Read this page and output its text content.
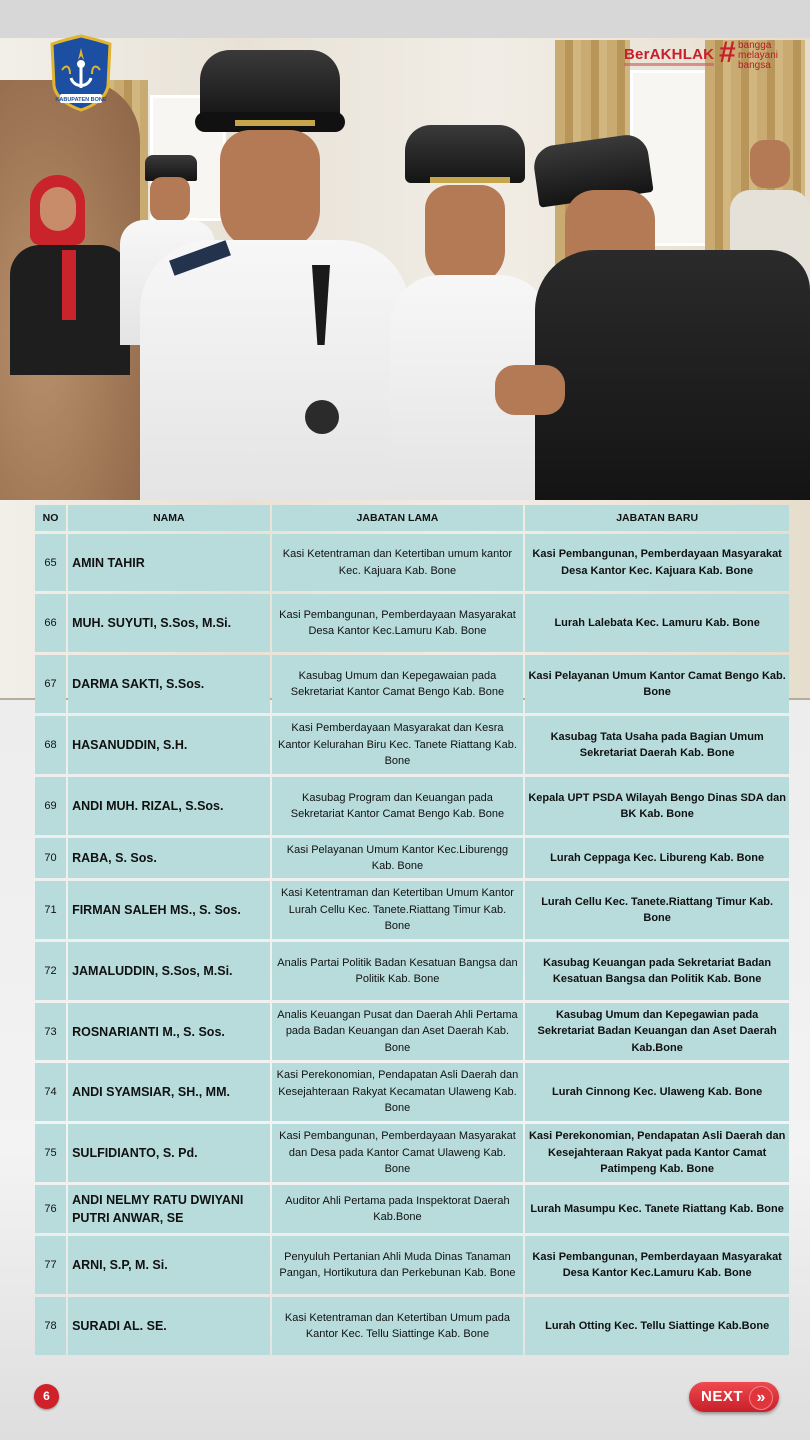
KABUPATEN BONE
BerAKHLAK # bangga
melayani
bangsa
NO	NAMA	JABATAN LAMA	JABATAN BARU
65	AMIN TAHIR	Kasi Ketentraman dan Ketertiban umum kantor Kec. Kajuara Kab. Bone	Kasi Pembangunan, Pemberdayaan Masyarakat Desa Kantor Kec. Kajuara Kab. Bone
66	MUH. SUYUTI, S.Sos, M.Si.	Kasi Pembangunan, Pemberdayaan Masyarakat Desa Kantor Kec.Lamuru Kab. Bone	Lurah Lalebata Kec. Lamuru Kab. Bone
67	DARMA SAKTI, S.Sos.	Kasubag Umum dan Kepegawaian pada Sekretariat Kantor Camat Bengo Kab. Bone	Kasi Pelayanan Umum Kantor Camat Bengo Kab. Bone
68	HASANUDDIN, S.H.	Kasi Pemberdayaan Masyarakat dan Kesra Kantor Kelurahan Biru Kec. Tanete Riattang Kab. Bone	Kasubag Tata Usaha pada Bagian Umum Sekretariat Daerah Kab. Bone
69	ANDI MUH. RIZAL, S.Sos.	Kasubag Program dan Keuangan pada Sekretariat Kantor Camat Bengo Kab. Bone	Kepala UPT PSDA Wilayah Bengo Dinas SDA dan BK Kab. Bone
70	RABA, S. Sos.	Kasi Pelayanan Umum Kantor Kec.Liburengg Kab. Bone	Lurah Ceppaga Kec. Libureng Kab. Bone
71	FIRMAN SALEH MS., S. Sos.	Kasi Ketentraman dan Ketertiban Umum Kantor Lurah Cellu Kec. Tanete.Riattang Timur Kab. Bone	Lurah Cellu Kec. Tanete.Riattang Timur Kab. Bone
72	JAMALUDDIN, S.Sos, M.Si.	Analis Partai Politik Badan Kesatuan Bangsa dan Politik Kab. Bone	Kasubag Keuangan pada Sekretariat Badan Kesatuan Bangsa dan Politik Kab. Bone
73	ROSNARIANTI M., S. Sos.	Analis Keuangan Pusat dan Daerah Ahli Pertama pada Badan Keuangan dan Aset Daerah Kab. Bone	Kasubag Umum dan Kepegawian pada Sekretariat Badan Keuangan dan Aset Daerah Kab.Bone
74	ANDI SYAMSIAR, SH., MM.	Kasi Perekonomian, Pendapatan Asli Daerah dan Kesejahteraan Rakyat Kecamatan Ulaweng Kab. Bone	Lurah Cinnong Kec. Ulaweng Kab. Bone
75	SULFIDIANTO, S. Pd.	Kasi Pembangunan, Pemberdayaan Masyarakat dan Desa pada Kantor Camat Ulaweng Kab. Bone	Kasi Perekonomian, Pendapatan Asli Daerah dan Kesejahteraan Rakyat pada Kantor Camat Patimpeng Kab. Bone
76	ANDI NELMY RATU DWIYANI PUTRI ANWAR, SE	Auditor Ahli Pertama pada Inspektorat Daerah Kab.Bone	Lurah Masumpu Kec. Tanete Riattang Kab. Bone
77	ARNI, S.P, M. Si.	Penyuluh Pertanian Ahli Muda Dinas Tanaman Pangan, Hortikutura dan Perkebunan Kab. Bone	Kasi Pembangunan, Pemberdayaan Masyarakat Desa Kantor Kec.Lamuru Kab. Bone
78	SURADI AL. SE.	Kasi Ketentraman dan Ketertiban Umum pada Kantor Kec. Tellu Siattinge Kab. Bone	Lurah Otting Kec. Tellu Siattinge Kab.Bone
6	NEXT »
